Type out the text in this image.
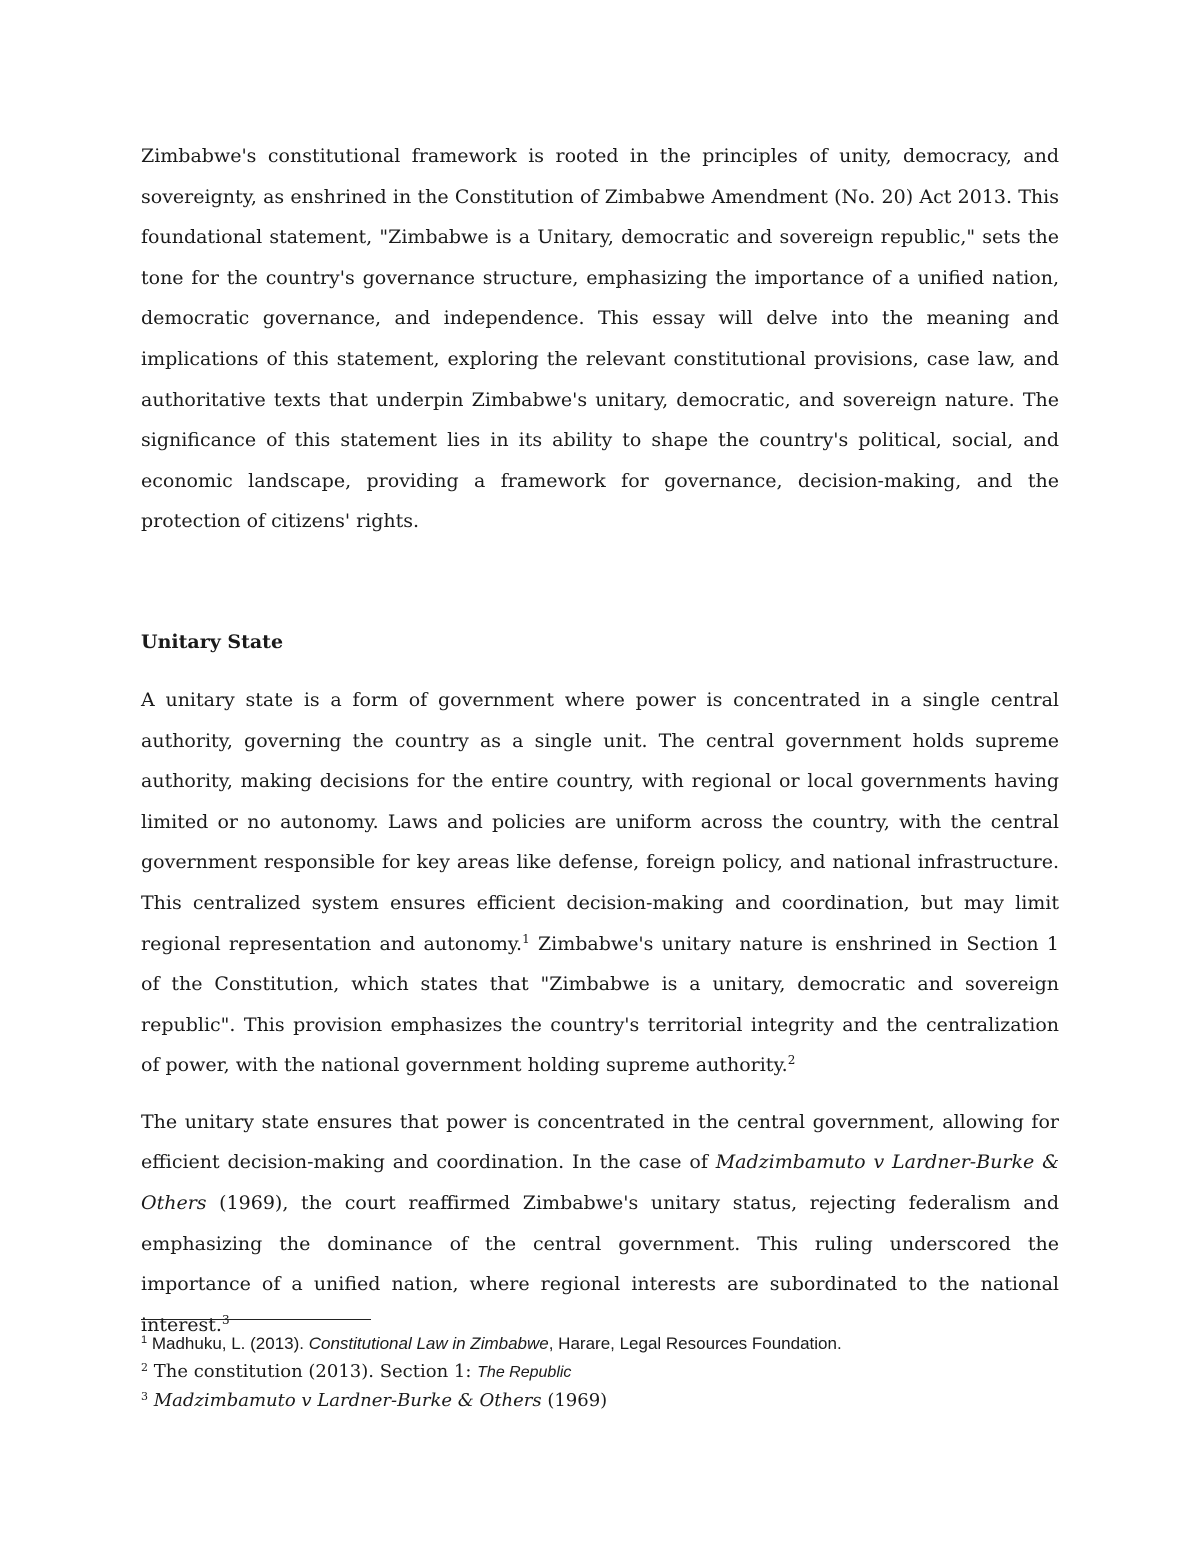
Zimbabwe's constitutional framework is rooted in the principles of unity, democracy, and sovereignty, as enshrined in the Constitution of Zimbabwe Amendment (No. 20) Act 2013. This foundational statement, "Zimbabwe is a Unitary, democratic and sovereign republic," sets the tone for the country's governance structure, emphasizing the importance of a unified nation, democratic governance, and independence. This essay will delve into the meaning and implications of this statement, exploring the relevant constitutional provisions, case law, and authoritative texts that underpin Zimbabwe's unitary, democratic, and sovereign nature. The significance of this statement lies in its ability to shape the country's political, social, and economic landscape, providing a framework for governance, decision-making, and the protection of citizens' rights.

Unitary State

A unitary state is a form of government where power is concentrated in a single central authority, governing the country as a single unit. The central government holds supreme authority, making decisions for the entire country, with regional or local governments having limited or no autonomy. Laws and policies are uniform across the country, with the central government responsible for key areas like defense, foreign policy, and national infrastructure. This centralized system ensures efficient decision-making and coordination, but may limit regional representation and autonomy.$^1$ Zimbabwe's unitary nature is enshrined in Section 1 of the Constitution, which states that "Zimbabwe is a unitary, democratic and sovereign republic". This provision emphasizes the country's territorial integrity and the centralization of power, with the national government holding supreme authority.$^2$

The unitary state ensures that power is concentrated in the central government, allowing for efficient decision-making and coordination. In the case of Madzimbamuto v Lardner-Burke & Others (1969), the court reaffirmed Zimbabwe's unitary status, rejecting federalism and emphasizing the dominance of the central government. This ruling underscored the importance of a unified nation, where regional interests are subordinated to the national interest.$^3$

$^1$ Madhuku, L. (2013). Constitutional Law in Zimbabwe, Harare, Legal Resources Foundation.

$^2$ The constitution (2013). Section 1: The Republic

$^3$ Madzimbamuto v Lardner-Burke & Others (1969)
